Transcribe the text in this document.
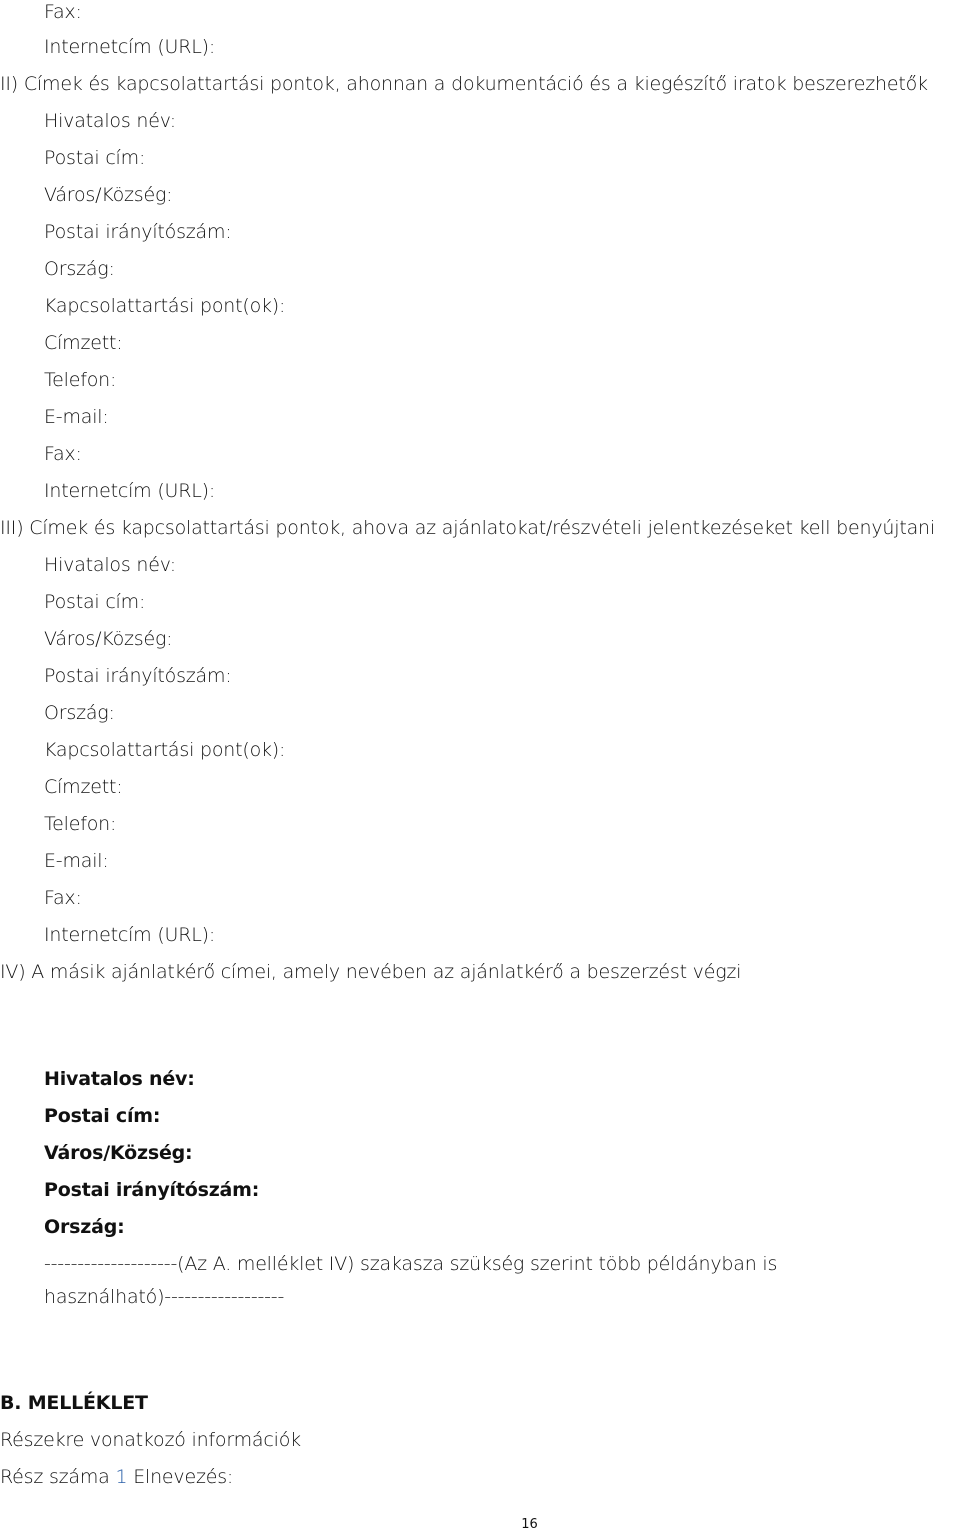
Fax:
Internetcím (URL):
II) Címek és kapcsolattartási pontok, ahonnan a dokumentáció és a kiegészítő iratok beszerezhetők
Hivatalos név:
Postai cím:
Város/Község:
Postai irányítószám:
Ország:
Kapcsolattartási pont(ok):
Címzett:
Telefon:
E-mail:
Fax:
Internetcím (URL):
III) Címek és kapcsolattartási pontok, ahova az ajánlatokat/részvételi jelentkezéseket kell benyújtani
Hivatalos név:
Postai cím:
Város/Község:
Postai irányítószám:
Ország:
Kapcsolattartási pont(ok):
Címzett:
Telefon:
E-mail:
Fax:
Internetcím (URL):
IV) A másik ajánlatkérő címei, amely nevében az ajánlatkérő a beszerzést végzi
Hivatalos név:
Postai cím:
Város/Község:
Postai irányítószám:
Ország:
--------------------(Az A. melléklet IV) szakasza szükség szerint több példányban is
használható)------------------
B. MELLÉKLET
Részekre vonatkozó információk
Rész száma 1 Elnevezés:
16
